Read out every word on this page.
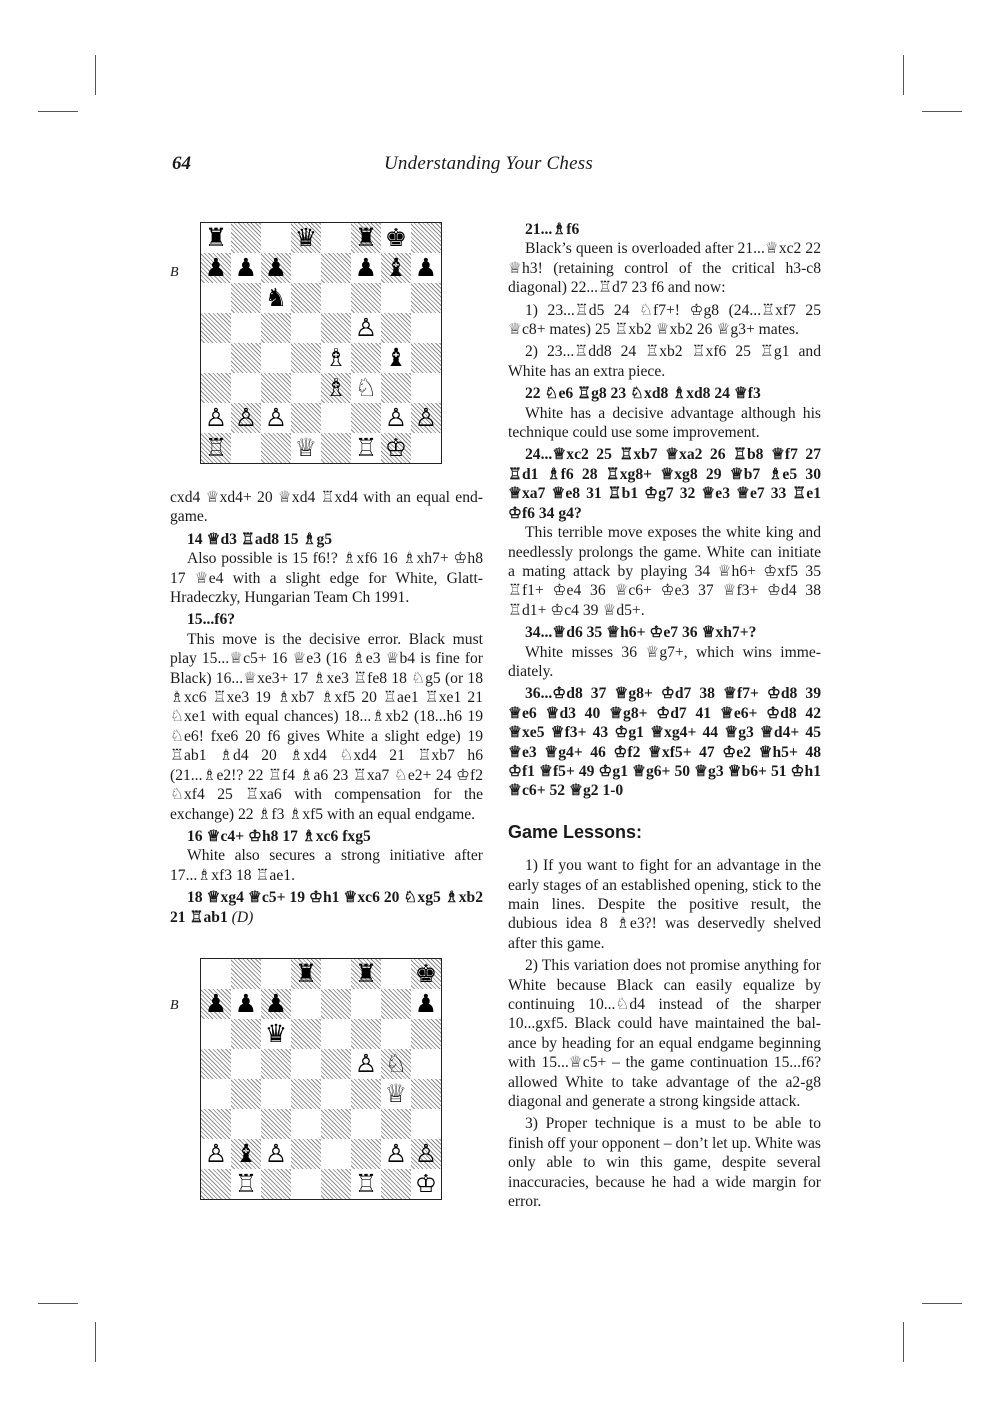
64	Understanding Your Chess
B
♜	♛ ♜ ♚
♟ ♟ ♟	♟ ♝ ♟
♞
♙
♗ ♝
♗ ♘
♙ ♙ ♙	♙ ♙
♖	♕ ♖ ♔
B
♜ ♜ ♚
♟ ♟ ♟	♟
♛
♙ ♘
♕
♙ ♝ ♙	♙ ♙
♖	♖ ♔

cxd4 ♕xd4+ 20 ♕xd4 ♖xd4 with an equal endgame.

14 ♕d3 ♖ad8 15 ♗g5

Also possible is 15 f6!? ♗xf6 16 ♗xh7+ ♔h8 17 ♕e4 with a slight edge for White, Glatt-Hradeczky, Hungarian Team Ch 1991.

15...f6?

This move is the decisive error. Black must play 15...♕c5+ 16 ♕e3 (16 ♗e3 ♕b4 is fine for Black) 16...♕xe3+ 17 ♗xe3 ♖fe8 18 ♘g5 (or 18 ♗xc6 ♖xe3 19 ♗xb7 ♗xf5 20 ♖ae1 ♖xe1 21 ♘xe1 with equal chances) 18...♗xb2 (18...h6 19 ♘e6! fxe6 20 f6 gives White a slight edge) 19 ♖ab1 ♗d4 20 ♗xd4 ♘xd4 21 ♖xb7 h6 (21...♗e2!? 22 ♖f4 ♗a6 23 ♖xa7 ♘e2+ 24 ♔f2 ♘xf4 25 ♖xa6 with compensation for the exchange) 22 ♗f3 ♗xf5 with an equal endgame.

16 ♕c4+ ♔h8 17 ♗xc6 fxg5

White also secures a strong initiative after 17...♗xf3 18 ♖ae1.

18 ♕xg4 ♕c5+ 19 ♔h1 ♕xc6 20 ♘xg5 ♗xb2 21 ♖ab1 (D)

21...♗f6

Black’s queen is overloaded after 21...♕xc2 22 ♕h3! (retaining control of the critical h3-c8 diagonal) 22...♖d7 23 f6 and now:

1) 23...♖d5 24 ♘f7+! ♔g8 (24...♖xf7 25 ♕c8+ mates) 25 ♖xb2 ♕xb2 26 ♕g3+ mates.

2) 23...♖dd8 24 ♖xb2 ♖xf6 25 ♖g1 and White has an extra piece.

22 ♘e6 ♖g8 23 ♘xd8 ♗xd8 24 ♕f3

White has a decisive advantage although his technique could use some improvement.

24...♕xc2 25 ♖xb7 ♕xa2 26 ♖b8 ♕f7 27 ♖d1 ♗f6 28 ♖xg8+ ♕xg8 29 ♕b7 ♗e5 30 ♕xa7 ♕e8 31 ♖b1 ♔g7 32 ♕e3 ♕e7 33 ♖e1 ♔f6 34 g4?

This terrible move exposes the white king and needlessly prolongs the game. White can initiate a mating attack by playing 34 ♕h6+ ♔xf5 35 ♖f1+ ♔e4 36 ♕c6+ ♔e3 37 ♕f3+ ♔d4 38 ♖d1+ ♔c4 39 ♕d5+.

34...♕d6 35 ♕h6+ ♔e7 36 ♕xh7+?

White misses 36 ♕g7+, which wins immediately.

36...♔d8 37 ♕g8+ ♔d7 38 ♕f7+ ♔d8 39 ♕e6 ♕d3 40 ♕g8+ ♔d7 41 ♕e6+ ♔d8 42 ♕xe5 ♕f3+ 43 ♔g1 ♕xg4+ 44 ♕g3 ♕d4+ 45 ♕e3 ♕g4+ 46 ♔f2 ♕xf5+ 47 ♔e2 ♕h5+ 48 ♔f1 ♕f5+ 49 ♔g1 ♕g6+ 50 ♕g3 ♕b6+ 51 ♔h1 ♕c6+ 52 ♕g2 1-0

Game Lessons:

1) If you want to fight for an advantage in the early stages of an established opening, stick to the main lines. Despite the positive result, the dubious idea 8 ♗e3?! was deservedly shelved after this game.

2) This variation does not promise anything for White because Black can easily equalize by continuing 10...♘d4 instead of the sharper 10...gxf5. Black could have maintained the balance by heading for an equal endgame beginning with 15...♕c5+ – the game continuation 15...f6? allowed White to take advantage of the a2-g8 diagonal and generate a strong kingside attack.

3) Proper technique is a must to be able to finish off your opponent – don’t let up. White was only able to win this game, despite several inaccuracies, because he had a wide margin for error.
